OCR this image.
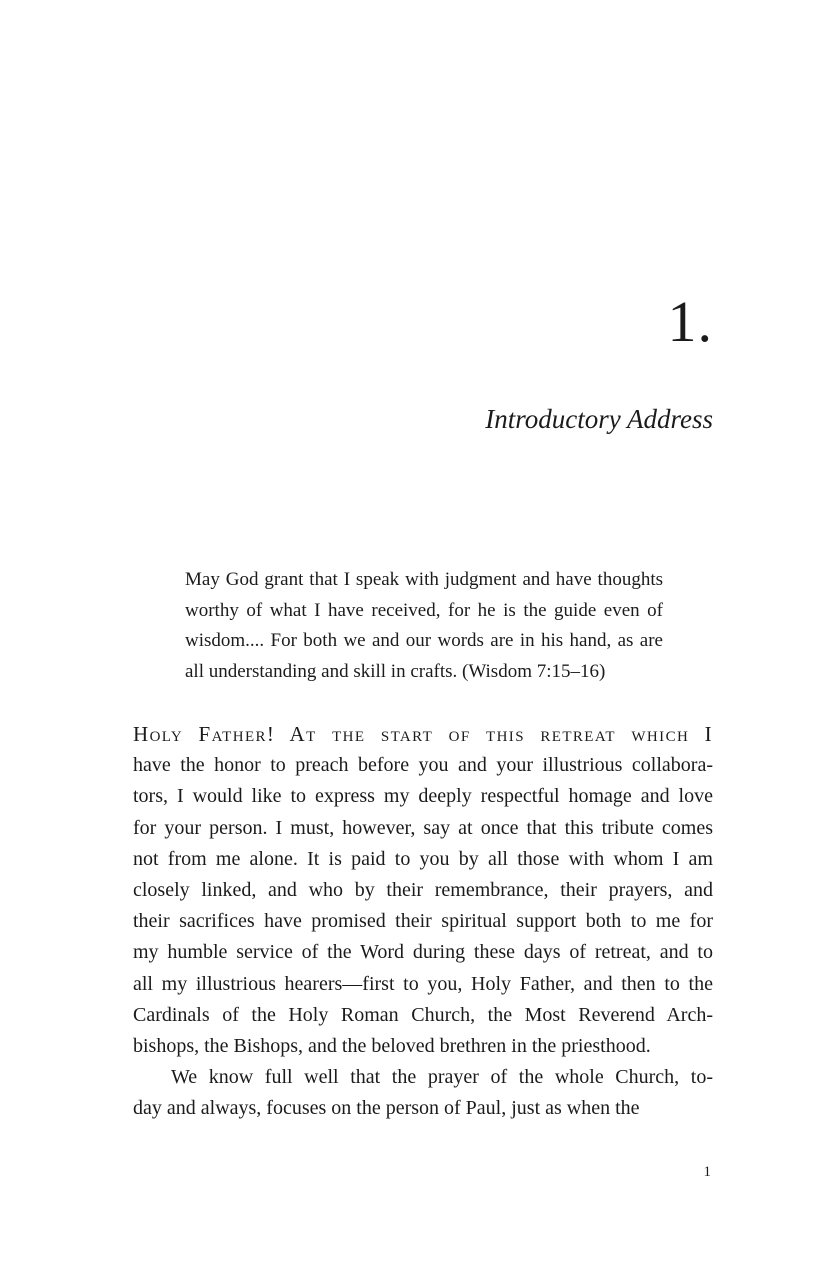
1.
Introductory Address
May God grant that I speak with judgment and have thoughts
worthy of what I have received, for he is the guide even of
wisdom.... For both we and our words are in his hand, as are
all understanding and skill in crafts. (Wisdom 7:15–16)
Holy Father! At the start of this retreat which I
have the honor to preach before you and your illustrious collabora-
tors, I would like to express my deeply respectful homage and love
for your person. I must, however, say at once that this tribute comes
not from me alone. It is paid to you by all those with whom I am
closely linked, and who by their remembrance, their prayers, and
their sacrifices have promised their spiritual support both to me for
my humble service of the Word during these days of retreat, and to
all my illustrious hearers—first to you, Holy Father, and then to the
Cardinals of the Holy Roman Church, the Most Reverend Arch-
bishops, the Bishops, and the beloved brethren in the priesthood.
We know full well that the prayer of the whole Church, to-
day and always, focuses on the person of Paul, just as when the
1
